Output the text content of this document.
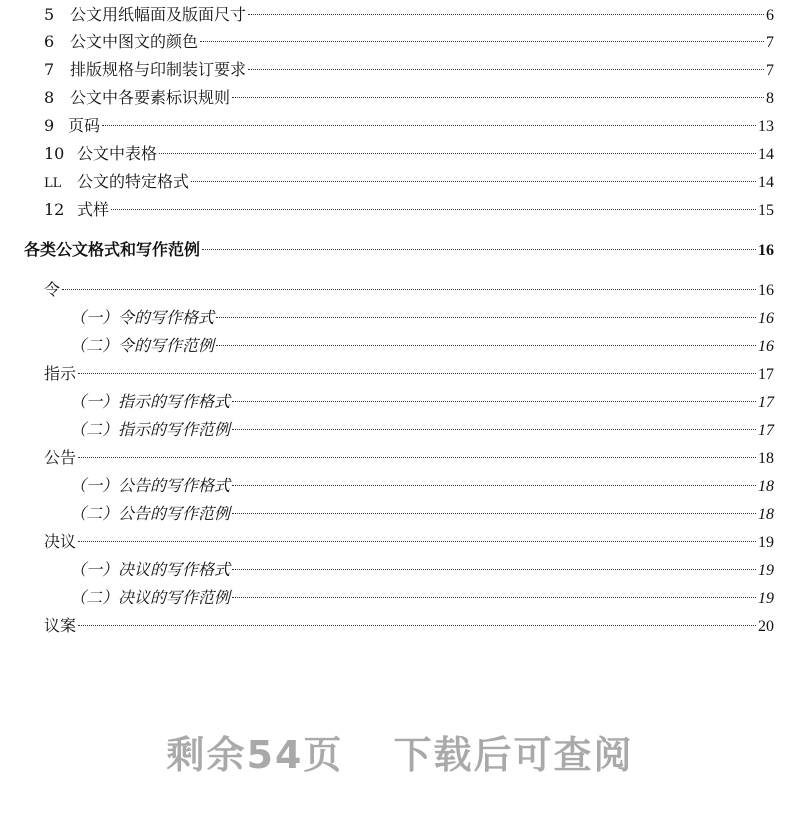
5 公文用纸幅面及版面尺寸	6
6 公文中图文的颜色	7
7 排版规格与印制装订要求	7
8 公文中各要素标识规则	8
9 页码	13
10 公文中表格	14
LL 公文的特定格式	14
12 式样	15
各类公文格式和写作范例	16
令	16
（一）令的写作格式	16
（二）令的写作范例	16
指示	17
（一）指示的写作格式	17
（二）指示的写作范例	17
公告	18
（一）公告的写作格式	18
（二）公告的写作范例	18
决议	19
（一）决议的写作格式	19
（二）决议的写作范例	19
议案	20
剩余54页 下载后可查阅
